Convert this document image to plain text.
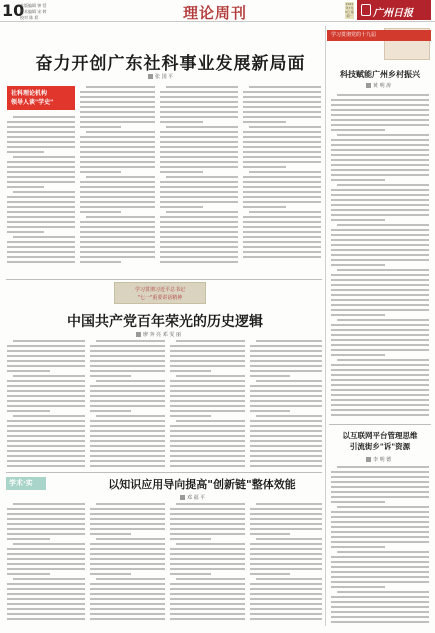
10
本版编辑 钟 恬
美术编辑 宋 婷
校对 陈 彩	理论周刊	2021年7月5日 星期一	广州日报
奋力开创广东社科事业发展新局面
张 国 平
社科理论机构
领导人谈"学史"
学习贯彻党的十九届
科技赋能广州乡村振兴
黄 明 涛
以互联网平台管理思维
引流街乡"诉"资源
李 明 德
学习贯彻习近平总书记
"七一"重要讲话精神
中国共产党百年荣光的历史逻辑
廖 奔 亮 邓 雯 丽
学术·实	以知识应用导向提高"创新链"整体效能
邓 福 平
